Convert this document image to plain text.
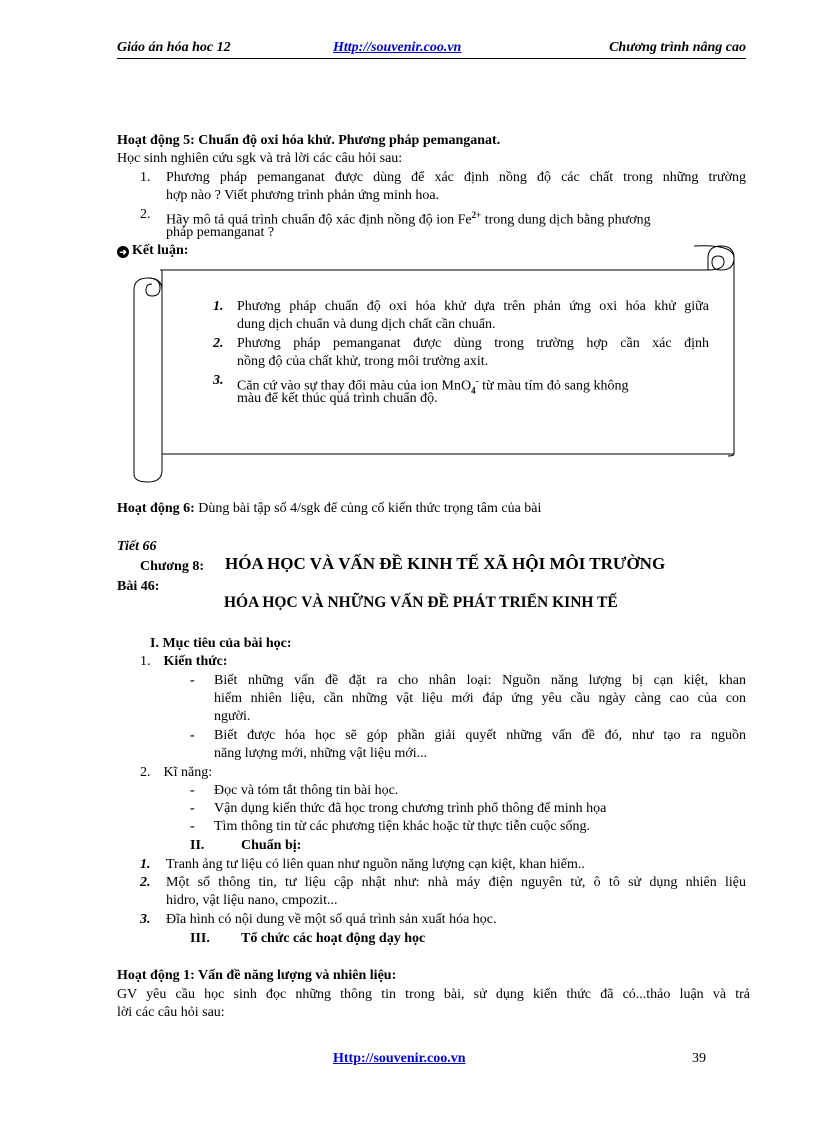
Giáo án hóa hoc 12	Http://souvenir.coo.vn	Chương trình nâng cao
Hoạt động 5: Chuẩn độ oxi hóa khử. Phương pháp pemanganat.
Học sinh nghiên cứu sgk và trả lời các câu hỏi sau:
1. Phương pháp pemanganat được dùng để xác định nồng độ các chất trong những trường
hợp nào ? Viết phương trình phản ứng minh hoa.
2. Hãy mô tả quá trình chuẩn độ xác định nồng độ ion $Fe^{2+}$ trong dung dịch bằng phương
pháp pemanganat ?
➜ Kết luận:
1. Phương pháp chuẩn độ oxi hóa khử dựa trên phản ứng oxi hóa khử giữa
dung dịch chuẩn và dung dịch chất cần chuẩn.
2. Phương pháp pemanganat được dùng trong trường hợp cần xác định
nồng độ của chất khử, trong môi trường axit.
3. Căn cứ vào sự thay đổi màu của ion MnO$_4$- từ màu tím đỏ sang không
màu để kết thúc quá trình chuẩn độ.
Hoạt động 6: Dùng bài tập số 4/sgk để củng cố kiến thức trọng tâm của bài
Tiết 66
Chương 8: HÓA HỌC VÀ VẤN ĐỀ KINH TẾ XÃ HỘI MÔI TRƯỜNG
Bài 46:
HÓA HỌC VÀ NHỮNG VẤN ĐỀ PHÁT TRIỂN KINH TẾ
I. Mục tiêu của bài học:
1. Kiến thức:
- Biết những vấn đề đặt ra cho nhân loại: Nguồn năng lượng bị cạn kiệt, khan
hiếm nhiên liệu, cần những vật liệu mới đáp ứng yêu cầu ngày càng cao của con
người.
- Biết được hóa học sẽ góp phần giải quyết những vấn đề đó, như tạo ra nguồn
năng lượng mới, những vật liệu mới...
2. Kĩ năng:
- Đọc và tóm tắt thông tin bài học.
- Vận dụng kiến thức đã học trong chương trình phổ thông để minh họa
- Tìm thông tin từ các phương tiện khác hoặc từ thực tiễn cuộc sống.
II.	Chuẩn bị:
1. Tranh ảng tư liệu có liên quan như nguồn năng lượng cạn kiệt, khan hiếm..
2. Một số thông tin, tư liệu cập nhật như: nhà máy điện nguyên tử, ô tô sử dụng nhiên liệu
hidro, vật liệu nano, cmpozit...
3. Đĩa hình có nội dung về một số quá trình sản xuất hóa học.
III. Tổ chức các hoạt động dạy học
Hoạt động 1: Vấn đề năng lượng và nhiên liệu:
GV yêu cầu học sinh đọc những thông tin trong bài, sử dụng kiến thức đã có...thảo luận và trả
lời các câu hỏi sau:
Http://souvenir.coo.vn	39
